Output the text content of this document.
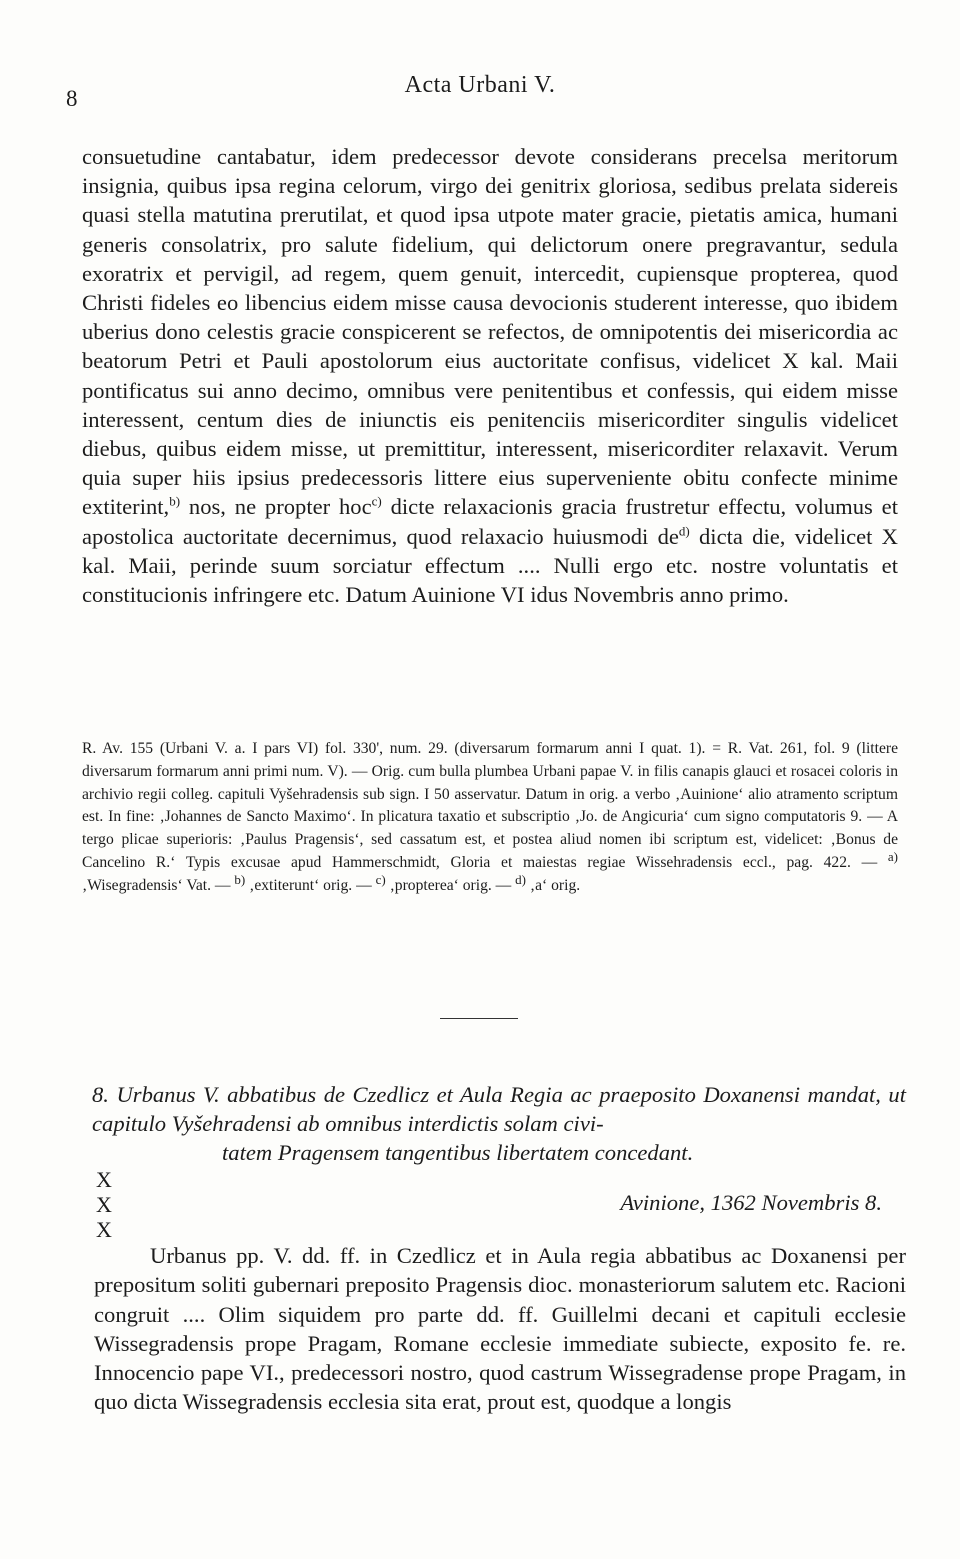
8
Acta Urbani V.

consuetudine cantabatur, idem predecessor devote considerans precelsa meritorum insignia, quibus ipsa regina celorum, virgo dei genitrix gloriosa, sedibus prelata sidereis quasi stella matutina prerutilat, et quod ipsa utpote mater gracie, pietatis amica, humani generis consolatrix, pro salute fidelium, qui delictorum onere pregravantur, sedula exoratrix et pervigil, ad regem, quem genuit, intercedit, cupiensque propterea, quod Christi fideles eo libencius eidem misse causa devocionis studerent interesse, quo ibidem uberius dono celestis gracie conspicerent se refectos, de omnipotentis dei misericordia ac beatorum Petri et Pauli apostolorum eius auctoritate confisus, videlicet X kal. Maii pontificatus sui anno decimo, omnibus vere penitentibus et confessis, qui eidem misse interessent, centum dies de iniunctis eis penitenciis misericorditer singulis videlicet diebus, quibus eidem misse, ut premittitur, interessent, misericorditer relaxavit. Verum quia super hiis ipsius predecessoris littere eius superveniente obitu confecte minime extiterint,$^{b)}$ nos, ne propter hoc$^{c)}$ dicte relaxacionis gracia frustretur effectu, volumus et apostolica auctoritate decernimus, quod relaxacio huiusmodi $de^{d)}$ dicta die, videlicet X kal. Maii, perinde suum sorciatur effectum .... Nulli ergo etc. nostre voluntatis et constitucionis infringere etc. Datum Auinione VI idus Novembris anno primo.

R. Av. 155 (Urbani V. a. I pars VI) fol. 330', num. 29. (diversarum formarum anni I quat. 1). = R. Vat. 261, fol. 9 (littere diversarum formarum anni primi num. V). — Orig. cum bulla plumbea Urbani papae V. in filis canapis glauci et rosacei coloris in archivio regii colleg. capituli Vyšehradensis sub sign. I 50 asservatur. Datum in orig. a verbo ‚Auinione‘ alio atramento scriptum est. In fine: ‚Johannes de Sancto Maximo‘. In plicatura taxatio et subscriptio ‚Jo. de Angicuria‘ cum signo computatoris 9. — A tergo plicae superioris: ‚Paulus Pragensis‘, sed cassatum est, et postea aliud nomen ibi scriptum est, videlicet: ‚Bonus de Cancelino R.‘ Typis excusae apud Hammerschmidt, Gloria et maiestas regiae Wissehradensis eccl., pag. 422. — $^{a)}$ ‚Wisegradensis‘ Vat. — $^{b)}$ ‚extiterunt‘ orig. — $^{c)}$ ‚propterea‘ orig. — $^{d)}$ ‚a‘ orig.

8. Urbanus V. abbatibus de Czedlicz et Aula Regia ac praeposito Doxanensi mandat, ut capitulo Vyšehradensi ab omnibus interdictis solam civi-
tatem Pragensem tangentibus libertatem concedant.

X
X
X
Avinione, 1362 Novembris 8.

Urbanus pp. V. dd. ff. in Czedlicz et in Aula regia abbatibus ac Doxanensi per prepositum soliti gubernari preposito Pragensis dioc. monasteriorum salutem etc. Racioni congruit .... Olim siquidem pro parte dd. ff. Guillelmi decani et capituli ecclesie Wissegradensis prope Pragam, Romane ecclesie immediate subiecte, exposito fe. re. Innocencio pape VI., predecessori nostro, quod castrum Wissegradense prope Pragam, in quo dicta Wissegradensis ecclesia sita erat, prout est, quodque a longis
